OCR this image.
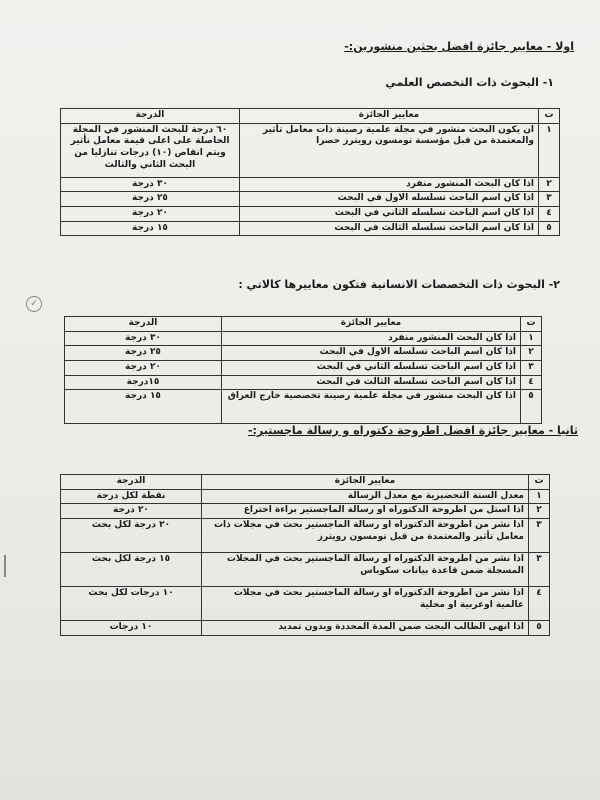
اولا - معايير جائزة افضل بحثين منشورين:-
١- البحوث ذات التخصص العلمي
ت	معايير الجائزة	الدرجة
١	ان يكون البحث منشور في مجلة علمية رصينة ذات معامل تأثير والمعتمدة من قبل مؤسسة تومسون رويترز حصرا	٦٠ درجة للبحث المنشور في المجلة الحاصلة على اعلى قيمة معامل تأثير ويتم انقاص (١٠) درجات تنازليا من البحث الثاني والثالث
٢	اذا كان البحث المنشور منفرد	٣٠ درجة
٣	اذا كان اسم الباحث تسلسله الاول في البحث	٢٥ درجة
٤	اذا كان اسم الباحث تسلسله الثاني في البحث	٢٠ درجة
٥	اذا كان اسم الباحث تسلسله الثالث في البحث	١٥ درجة
✓
٢- البحوث ذات التخصصات الانسانية فتكون معاييرها كالاتي :
ت	معايير الجائزة	الدرجة
١	اذا كان البحث المنشور منفرد	٣٠ درجة
٢	اذا كان اسم الباحث تسلسله الاول في البحث	٢٥ درجة
٣	اذا كان اسم الباحث تسلسله الثاني في البحث	٢٠ درجة
٤	اذا كان اسم الباحث تسلسله الثالث في البحث	١٥درجة
٥	اذا كان البحث منشور في مجلة علمية رصينة تخصصية خارج العراق	١٥ درجة
ثانيا - معايير جائزة افضل اطروحة دكتوراه و رسالة ماجستير:-
ت	معايير الجائزة	الدرجة
١	معدل السنة التحضيرية مع معدل الرسالة	نقطة لكل درجة
٢	اذا استل من اطروحة الدكتوراه او رسالة الماجستير براءة اختراع	٢٠ درجة
٣	اذا نشر من اطروحة الدكتوراه او رسالة الماجستير بحث في مجلات ذات معامل تأثير والمعتمدة من قبل تومسون رويترز	٢٠ درجة لكل بحث
٣	اذا نشر من اطروحة الدكتوراه او رسالة الماجستير بحث في المجلات المسجلة ضمن قاعدة بيانات سكوباس	١٥ درجة لكل بحث
٤	اذا نشر من اطروحة الدكتوراه او رسالة الماجستير بحث في مجلات عالمية اوعربية او محلية	١٠ درجات لكل بحث
٥	اذا انهى الطالب البحث ضمن المدة المحددة وبدون تمديد	١٠ درجات
